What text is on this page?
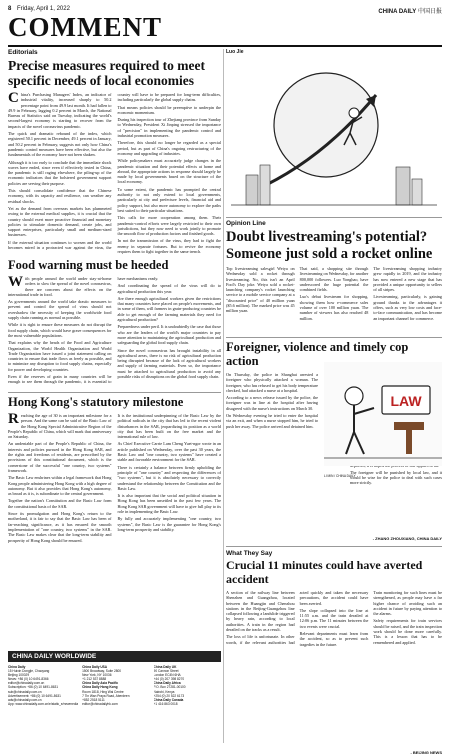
8 Friday, April 1, 2022	CHINA DAILY 中国日报
COMMENT
Editorials
Precise measures required to meet specific needs of local economies

China's Purchasing Managers' Index, an indicator of industrial vitality, increased sharply to 50.2 percentage point from 49.9 last month. It had fallen to 49.9 in February, lagging 0.2 percent in March, the National Bureau of Statistics said on Tuesday, indicating the world's second-largest economy is starting to recover from the impacts of the novel coronavirus pandemic.

The quick and dramatic rebound of the index, which registered 50.1 percent in December, 49.1 percent in January, and 50.2 percent in February, suggests not only how China's pandemic control measures have been effective, but also the fundamentals of the economy have not been shaken.

Although it is too early to conclude that the immediate shock waves have ended, since even if effectively tested in China, the pandemic is still raging elsewhere, the piling-up of the economic indicators that the bolstered government support policies are serving their purpose.

This should consolidate confidence that the Chinese economy, with its capacity and resilience, can weather any residual shocks.

Yet as the demand from overseas markets has plummeted owing to the external medical supplies, it is crucial that the country should exert more proactive financial and monetary policies to stimulate domestic demand, create jobs, and support enterprises, particularly small and medium-sized businesses.

If the external situation continues to worsen and the world becomes mired in a protracted war against the virus, the country will have to be prepared for long-term difficulties, including particularly the global supply chains.

That means policies should be preemptive to underpin the economic momentum.

During his inspection tour of Zhejiang province from Sunday to Wednesday, President Xi Jinping stressed the importance of "precision" in implementing the pandemic control and industrial promotion measures.

Therefore, this should no longer be regarded as a special period, but as part of China's ongoing restructuring of the economy and upgrading of industries.

While policymakers must accurately judge changes in the pandemic situation and their potential effects at home and abroad, the appropriate actions in response should largely be made by local governments based on the structure of the local economy.

To some extent, the pandemic has prompted the central authority to not only extend to local governments, particularly at city and prefecture levels, financial aid and policy support, but also more autonomy to explore the paths best suited to their particular situations.

This calls for more cooperation among them. Their pandemic-control efforts were largely restricted to their own jurisdictions, but they now need to work jointly to promote the smooth flow of production factors and finished goods.

In not the transmission of the virus, they had to fight the enemy in separate fortunes. But to revive the economy requires them to fight together in the same trench.

Luo Jie
Food warning must be heeded

With people around the world under stay-at-home orders to slow the spread of the novel coronavirus, there are concerns about the effects on the international trade in food.

As governments around the world take drastic measures to prevent and control the spread of virus should not overshadow the necessity of keeping the worldwide food supply chain running as normal as possible.

While it is right to ensure these measures do not disrupt the food supply chain, which would have grave consequences for the most vulnerable populations.

That explains why the heads of the Food and Agriculture Organization, the World Health Organization and World Trade Organization have issued a joint statement calling on countries to ensure that trade flows as freely as possible, and to minimize any disruption to food supply chains, especially for poorer and developing countries.

Even if the reserves of grain in many countries will be enough to see them through the pandemic, it is essential to have mechanisms ready.

And coordinating the spread of the virus will do to agricultural production this year.

Are there enough agricultural workers given the restrictions that many countries have placed on people's movements, and in some of them, will farmers in grain-producing countries be able to get enough of the farming materials they need for agricultural production?

Preparedness under peril. It is undoubtedly the case that those who are the leaders of the world's major countries to pay more attention to maintaining the agricultural production and safeguarding the global food supply chain.

Since the novel coronavirus has brought instability in all agricultural areas, there is no risk of agricultural production being disrupted because of the lack of agricultural workers and supply of farming materials. Even so, the importance must be attached to agricultural production to avoid any possible risks of disruptions on the global food supply chain.

Hong Kong's statutory milestone

Reaching the age of 30 is an important milestone for a person. And the same can be said of the Basic Law of the Hong Kong Special Administrative Region of the People's Republic of China, which will mark that anniversary on Saturday.

An undeniable part of the People's Republic of China, the interests and policies pursued in the Hong Kong SAR, and the rights and freedoms of residents, are prescribed by the provisions of this constitutional document, which is the cornerstone of the successful "one country, two systems" framework.

The Basic Law enshrines within a legal framework that Hong Kong people administering Hong Kong with a high degree of autonomy. But it also provides that Hong Kong's autonomy, as broad as it is, is subordinate to the central government.

Together the nation's Constitution and the Basic Law form the constitutional basis of the SAR.

Since its promulgation and Hong Kong's return to the motherland, it is fair to say that the Basic Law has been of far-reaching significance, as it has ensured the smooth implementation of "one country, two systems" in the SAR. The Basic Law makes clear that the long-term stability and prosperity of Hong Kong should be ensured.

It is the institutional underpinning of the Basic Law by the political radicals in the city that has led to the recent violent disturbances in the SAR, jeopardizing its position as a world city that has been built on the free market and the international rule of law.

As Chief Executive Carrie Lam Cheng Yuet-ngor wrote in an article published on Wednesday, over the past 30 years, the Basic Law and "one country, two systems" have created a stable and favorable environment for the SAR.

There is certainly a balance between firmly upholding the principle of "one country" and respecting the differences of "two systems", but it is absolutely necessary to correctly understand the relationship between the Constitution and the Basic Law.

It is also important that the social and political situation in Hong Kong has been unsettled in the past few years. The Hong Kong SAR government will have to give full play to its role in implementing the Basic Law.

By fully and accurately implementing "one country, two systems", the Basic Law is the guarantee for Hong Kong's long-term prosperity and stability.

CHINA DAILY WORLDWIDE
China Daily
15 Huixin Dongjie, Chaoyang
Beijing 100029
News: +86 (0) 10 6491-8366
editor@chinadaily.com.cn
Subscription: +86 (0) 10 6491-8631
sub@chinadaily.com.cn
Advertisement: +86 (0) 10 6491-8631
ads@chinadaily.com.cn
App: www.chinadaily.com.cn/e/static_e/newmedia
China Daily USA
1500 Broadway, Suite 2800
New York, NY 10036
+1 212 537 8888
China Daily Asia Pacific
China Daily Hong Kong
Room 1818, Hing Wai Centre
7 Tin Wan Praya Road, Aberdeen
+852 2518 5111
editor@chinadailyhk.com
China Daily UK
90 Cannon Street
London EC4N 6HA
+44 (0) 207 398 8270
China Daily Africa
P.O. Box 27281-00100
Nairobi, Kenya
+254 (0) 20 522 6173
China Daily Canada
+1 416 863 0018
Opinion Line
Doubt livestreaming's potential? Someone just sold a rocket online

Top livestreaming salesgirl Weiya on Wednesday sold a rocket through livestreaming. No, this isn't an April Fool's Day joke. Weiya sold a rocket-launching company's rocket launching service to a mobile service company at a "discounted price" of 40 million yuan ($5.6 million). The marked price was 45 million yuan.

That said, a shopping site through livestreaming on Wednesday, for another 800,000 followers. Luo Yonghao, have underscored the huge potential the combined fields.

Luo's debut livestream for shopping, showing them how e-commerce sales volume of over 100 million yuan. The number of viewers has also reached 48 million.

The livestreaming shopping industry grew rapidly in 2019, and the industry has now entered a new stage that has provided a unique opportunity to sellers of all stripes.

Livestreaming, particularly, is gaining ground thanks to the advantages it offers, such as very low costs and face-to-face communication, and has become an important channel for commerce.

Foreigner, violence and timely cop action

On Thursday, the police in Shanghai arrested a foreigner who physically attacked a woman. The foreigner, who has refused to get his body temperature checked, had attacked a nurse at a hospital.

According to a news release issued by the police, the foreigner was in line at the hospital after having disagreed with the nurse's instructions on March 30.

On Wednesday evening he tried to enter the hospital via an exit, and when a nurse stopped him, he tried to push her away. The police arrived and detained him.

The foreigner will be punished by local law, and it would be wise for the police to deal with such cases more strictly.

- ZHANG ZHOUXIANG, CHINA DAILY
LAW
LI MIN / CHINA DAILY
What They Say
Crucial 11 minutes could have averted accident

A section of the railway line between Shenzhen and Guangzhou, located between the Huangjin and Chenzhou stations in the Beijing-Guangzhou line collapsed following a landslide triggered by heavy rain, according to local authorities. A train in the region had derailed on the tracks as a result.

The loss of life is unfortunate. In other words, if the relevant authorities had acted quickly and taken the necessary precautions, the accident could have been averted.

The slope collapsed into the line at 11:55 a.m. and the train derailed at 12:06 p.m. The 11 minutes between the two events were crucial.

Relevant departments must learn from the accident, so as to prevent such tragedies in the future.

Train monitoring for such lines must be strengthened, as people may have a far higher chance of avoiding such an accident in future by paying attention to the alarms.

Safety requirements for train services should be raised, and the train inspection work should be done more carefully. This is a lesson that has to be remembered and applied.

- BEIJING NEWS
